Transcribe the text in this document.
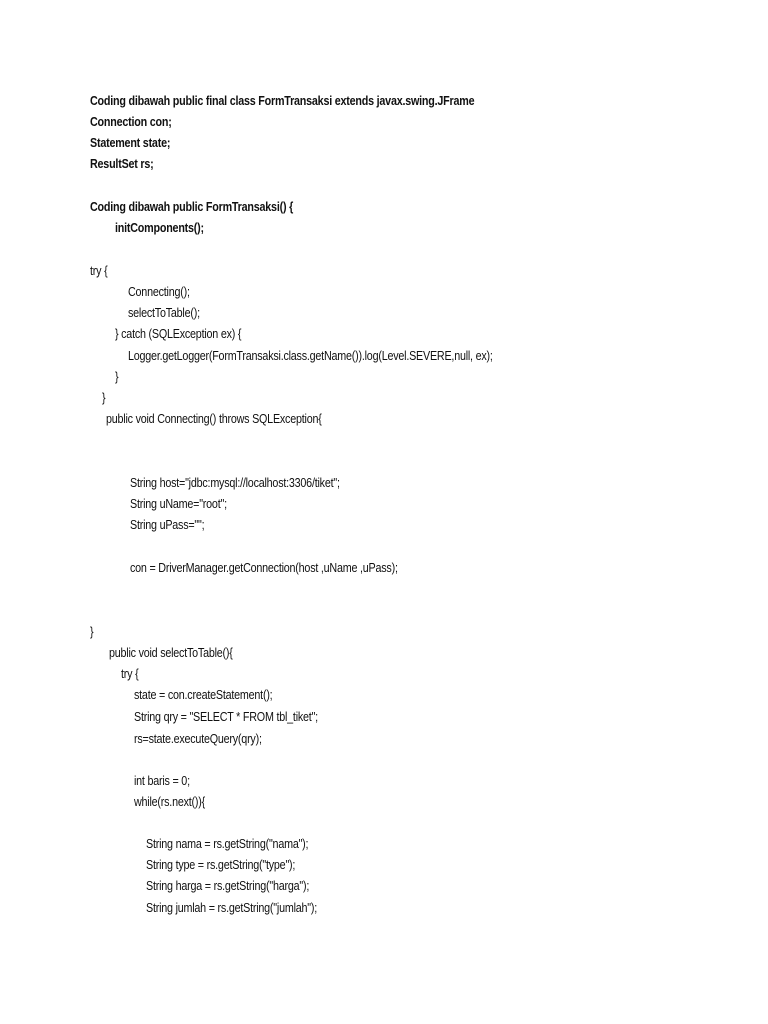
Coding dibawah public final class FormTransaksi extends javax.swing.JFrame
Connection con;
Statement state;
ResultSet rs;
Coding dibawah public FormTransaksi() {
initComponents();
try {
Connecting();
selectToTable();
} catch (SQLException ex) {
Logger.getLogger(FormTransaksi.class.getName()).log(Level.SEVERE,null, ex);
}
}
public void Connecting() throws SQLException{
String host="jdbc:mysql://localhost:3306/tiket";
String uName="root";
String uPass="";
con = DriverManager.getConnection(host ,uName ,uPass);
}
public void selectToTable(){
try {
state = con.createStatement();
String qry = "SELECT * FROM tbl_tiket";
rs=state.executeQuery(qry);
int baris = 0;
while(rs.next()){
String nama = rs.getString("nama");
String type = rs.getString("type");
String harga = rs.getString("harga");
String jumlah = rs.getString("jumlah");
